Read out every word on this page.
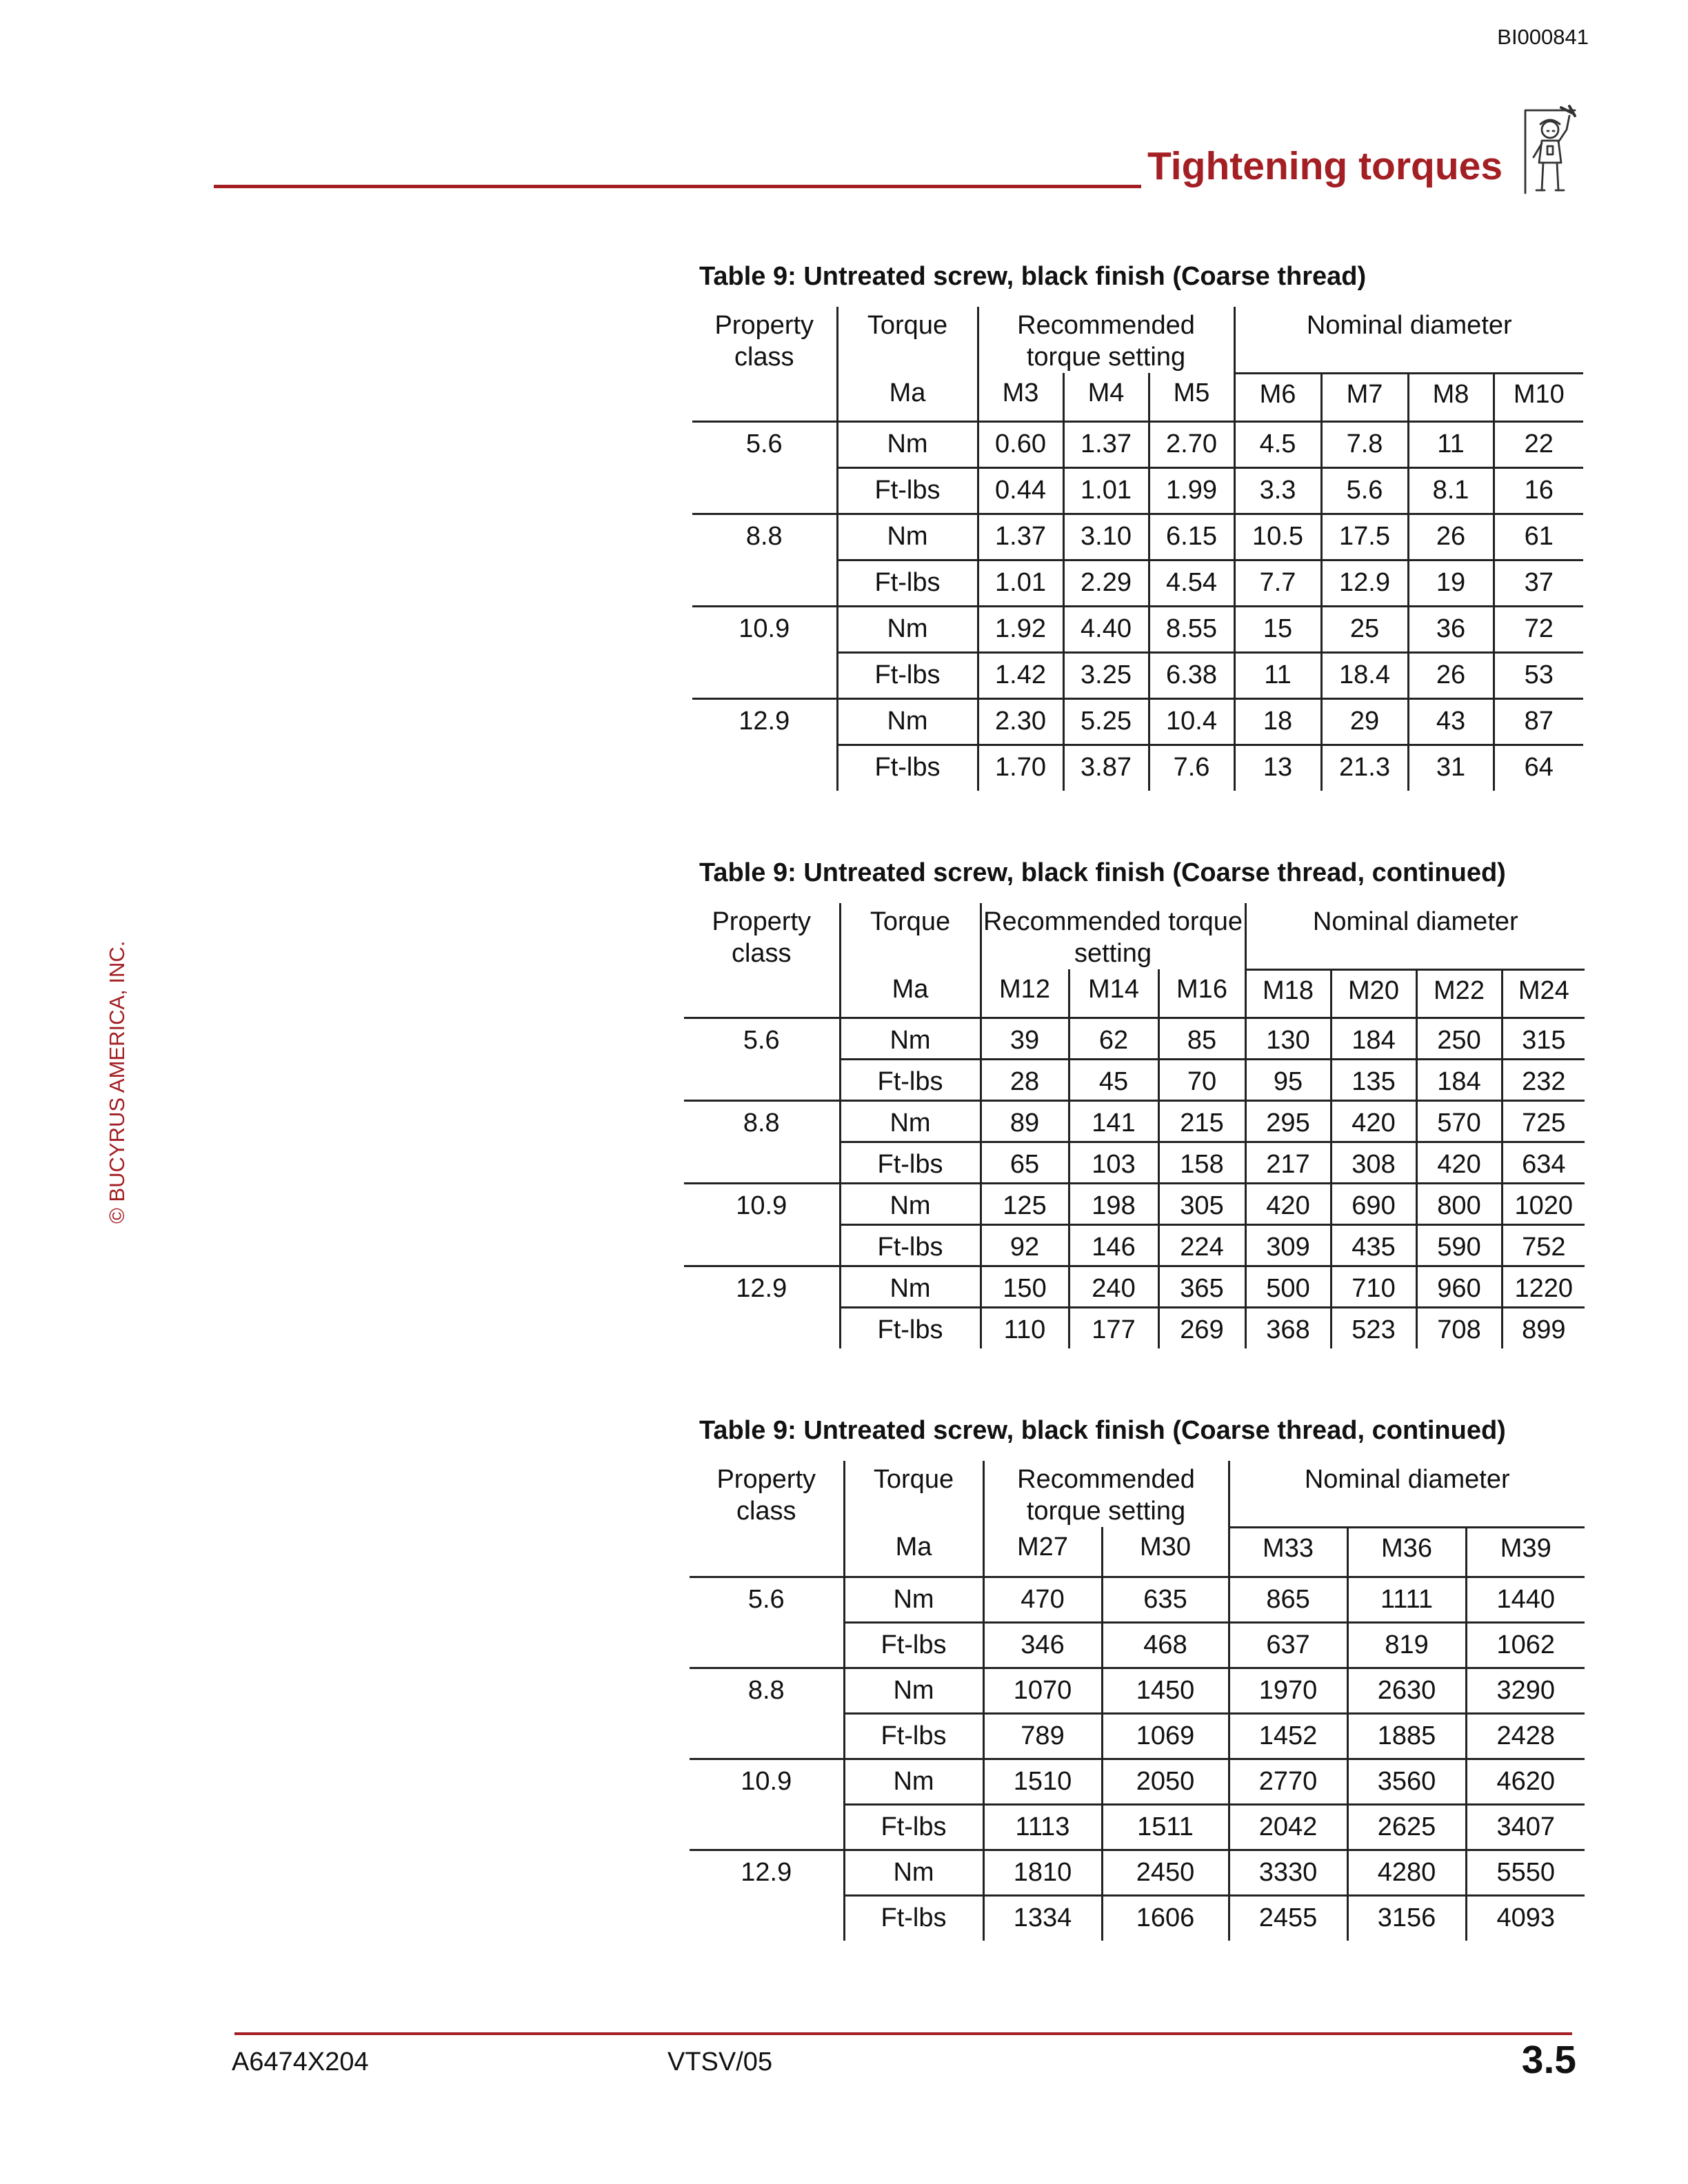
BI000841
Tightening torques
© BUCYRUS AMERICA, INC.
Table 9: Untreated screw, black finish (Coarse thread)
Property class	Torque	Recommended torque setting			Nominal diameter			
	Ma	M3	M4	M5	M6	M7	M8	M10
5.6	Nm	0.60	1.37	2.70	4.5	7.8	11	22
	Ft-lbs	0.44	1.01	1.99	3.3	5.6	8.1	16
8.8	Nm	1.37	3.10	6.15	10.5	17.5	26	61
	Ft-lbs	1.01	2.29	4.54	7.7	12.9	19	37
10.9	Nm	1.92	4.40	8.55	15	25	36	72
	Ft-lbs	1.42	3.25	6.38	11	18.4	26	53
12.9	Nm	2.30	5.25	10.4	18	29	43	87
	Ft-lbs	1.70	3.87	7.6	13	21.3	31	64
Table 9: Untreated screw, black finish (Coarse thread, continued)
Property class	Torque	Recommended torque setting			Nominal diameter			
	Ma	M12	M14	M16	M18	M20	M22	M24
5.6	Nm	39	62	85	130	184	250	315
	Ft-lbs	28	45	70	95	135	184	232
8.8	Nm	89	141	215	295	420	570	725
	Ft-lbs	65	103	158	217	308	420	634
10.9	Nm	125	198	305	420	690	800	1020
	Ft-lbs	92	146	224	309	435	590	752
12.9	Nm	150	240	365	500	710	960	1220
	Ft-lbs	110	177	269	368	523	708	899
Table 9: Untreated screw, black finish (Coarse thread, continued)
Property class	Torque	Recommended torque setting		Nominal diameter		
	Ma	M27	M30	M33	M36	M39
5.6	Nm	470	635	865	1111	1440
	Ft-lbs	346	468	637	819	1062
8.8	Nm	1070	1450	1970	2630	3290
	Ft-lbs	789	1069	1452	1885	2428
10.9	Nm	1510	2050	2770	3560	4620
	Ft-lbs	1113	1511	2042	2625	3407
12.9	Nm	1810	2450	3330	4280	5550
	Ft-lbs	1334	1606	2455	3156	4093
A6474X204	VTSV/05	3.5
